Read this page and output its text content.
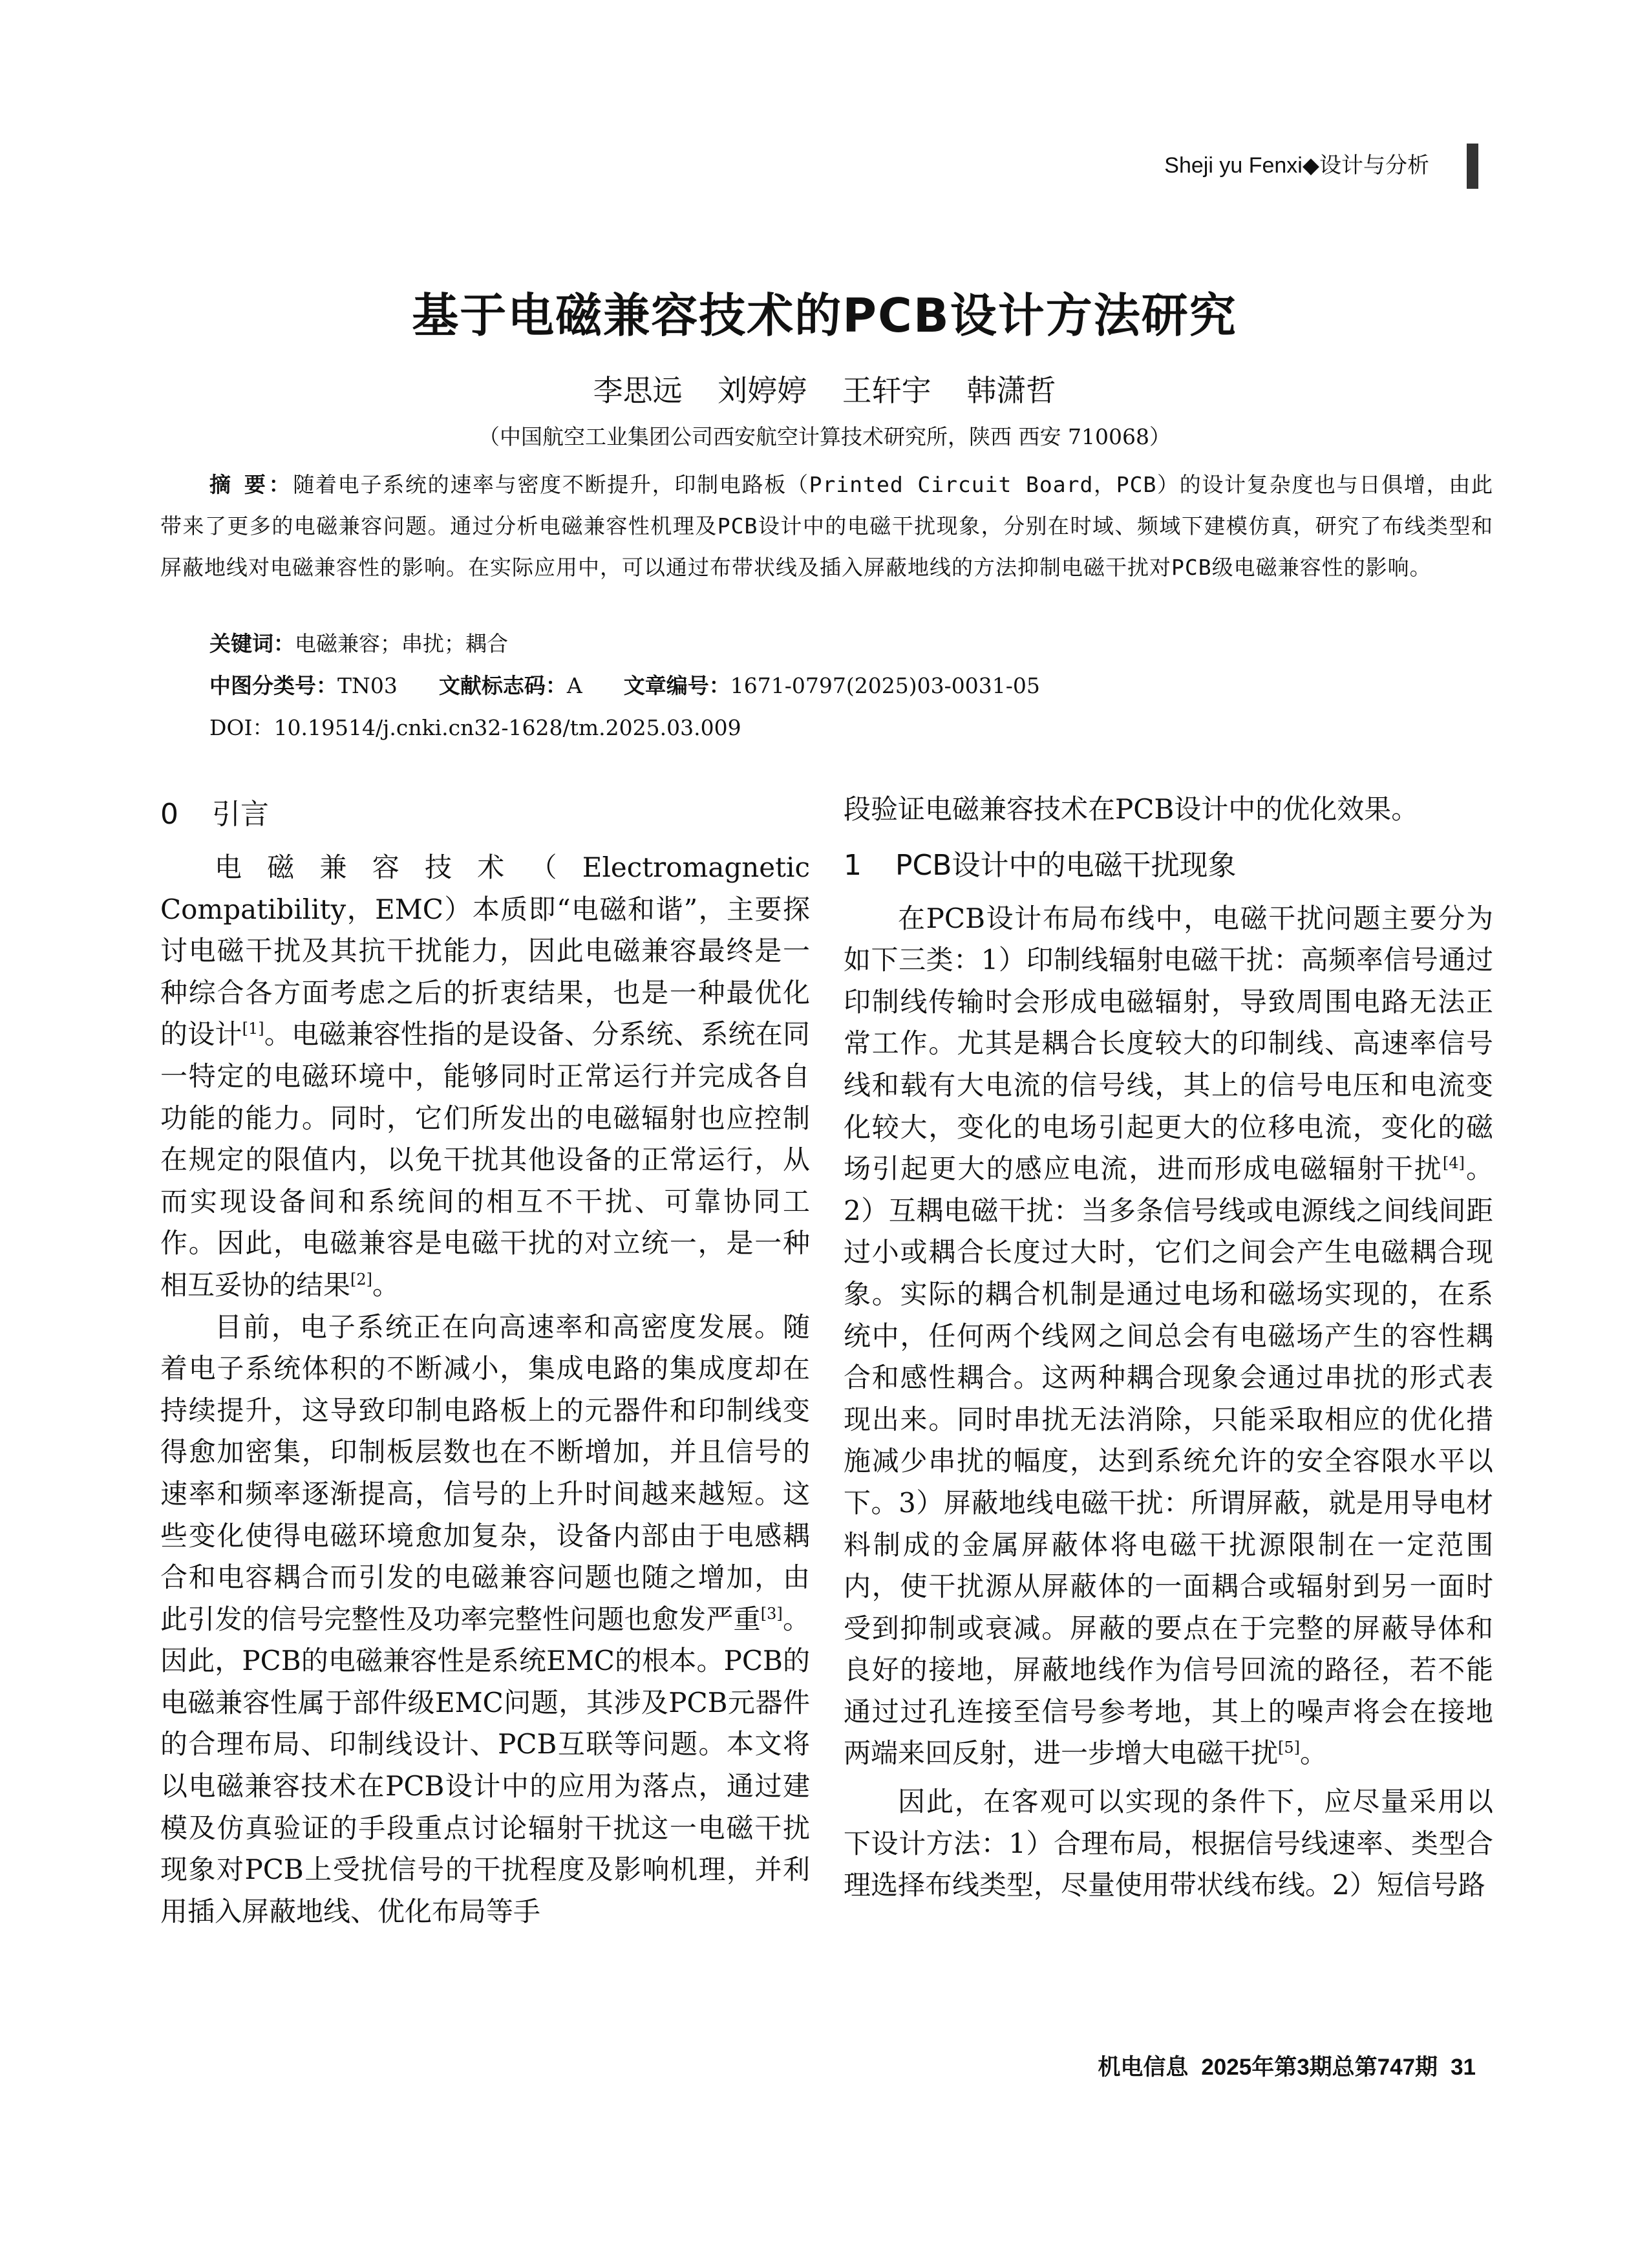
Sheji yu Fenxi◆设计与分析
基于电磁兼容技术的PCB设计方法研究
李思远 刘婷婷 王轩宇 韩潇哲
（中国航空工业集团公司西安航空计算技术研究所，陕西 西安 710068）
摘 要：随着电子系统的速率与密度不断提升，印制电路板（Printed Circuit Board，PCB）的设计复杂度也与日俱增，由此带来了更多的电磁兼容问题。通过分析电磁兼容性机理及PCB设计中的电磁干扰现象，分别在时域、频域下建模仿真，研究了布线类型和屏蔽地线对电磁兼容性的影响。在实际应用中，可以通过布带状线及插入屏蔽地线的方法抑制电磁干扰对PCB级电磁兼容性的影响。
关键词：电磁兼容；串扰；耦合
中图分类号：TN03 文献标志码：A 文章编号：1671-0797(2025)03-0031-05
DOI：10.19514/j.cnki.cn32-1628/tm.2025.03.009
0 引言

电磁兼容技术（Electromagnetic Compatibility，EMC）本质即“电磁和谐”，主要探讨电磁干扰及其抗干扰能力，因此电磁兼容最终是一种综合各方面考虑之后的折衷结果，也是一种最优化的设计[1]。电磁兼容性指的是设备、分系统、系统在同一特定的电磁环境中，能够同时正常运行并完成各自功能的能力。同时，它们所发出的电磁辐射也应控制在规定的限值内，以免干扰其他设备的正常运行，从而实现设备间和系统间的相互不干扰、可靠协同工作。因此，电磁兼容是电磁干扰的对立统一，是一种相互妥协的结果[2]。

目前，电子系统正在向高速率和高密度发展。随着电子系统体积的不断减小，集成电路的集成度却在持续提升，这导致印制电路板上的元器件和印制线变得愈加密集，印制板层数也在不断增加，并且信号的速率和频率逐渐提高，信号的上升时间越来越短。这些变化使得电磁环境愈加复杂，设备内部由于电感耦合和电容耦合而引发的电磁兼容问题也随之增加，由此引发的信号完整性及功率完整性问题也愈发严重[3]。因此，PCB的电磁兼容性是系统EMC的根本。PCB的电磁兼容性属于部件级EMC问题，其涉及PCB元器件的合理布局、印制线设计、PCB互联等问题。本文将以电磁兼容技术在PCB设计中的应用为落点，通过建模及仿真验证的手段重点讨论辐射干扰这一电磁干扰现象对PCB上受扰信号的干扰程度及影响机理，并利用插入屏蔽地线、优化布局等手

段验证电磁兼容技术在PCB设计中的优化效果。

1 PCB设计中的电磁干扰现象

在PCB设计布局布线中，电磁干扰问题主要分为如下三类：1）印制线辐射电磁干扰：高频率信号通过印制线传输时会形成电磁辐射，导致周围电路无法正常工作。尤其是耦合长度较大的印制线、高速率信号线和载有大电流的信号线，其上的信号电压和电流变化较大，变化的电场引起更大的位移电流，变化的磁场引起更大的感应电流，进而形成电磁辐射干扰[4]。2）互耦电磁干扰：当多条信号线或电源线之间线间距过小或耦合长度过大时，它们之间会产生电磁耦合现象。实际的耦合机制是通过电场和磁场实现的，在系统中，任何两个线网之间总会有电磁场产生的容性耦合和感性耦合。这两种耦合现象会通过串扰的形式表现出来。同时串扰无法消除，只能采取相应的优化措施减少串扰的幅度，达到系统允许的安全容限水平以下。3）屏蔽地线电磁干扰：所谓屏蔽，就是用导电材料制成的金属屏蔽体将电磁干扰源限制在一定范围内，使干扰源从屏蔽体的一面耦合或辐射到另一面时受到抑制或衰减。屏蔽的要点在于完整的屏蔽导体和良好的接地，屏蔽地线作为信号回流的路径，若不能通过过孔连接至信号参考地，其上的噪声将会在接地两端来回反射，进一步增大电磁干扰[5]。

因此，在客观可以实现的条件下，应尽量采用以下设计方法：1）合理布局，根据信号线速率、类型合理选择布线类型，尽量使用带状线布线。2）短信号路

机电信息 2025年第3期总第747期 31
